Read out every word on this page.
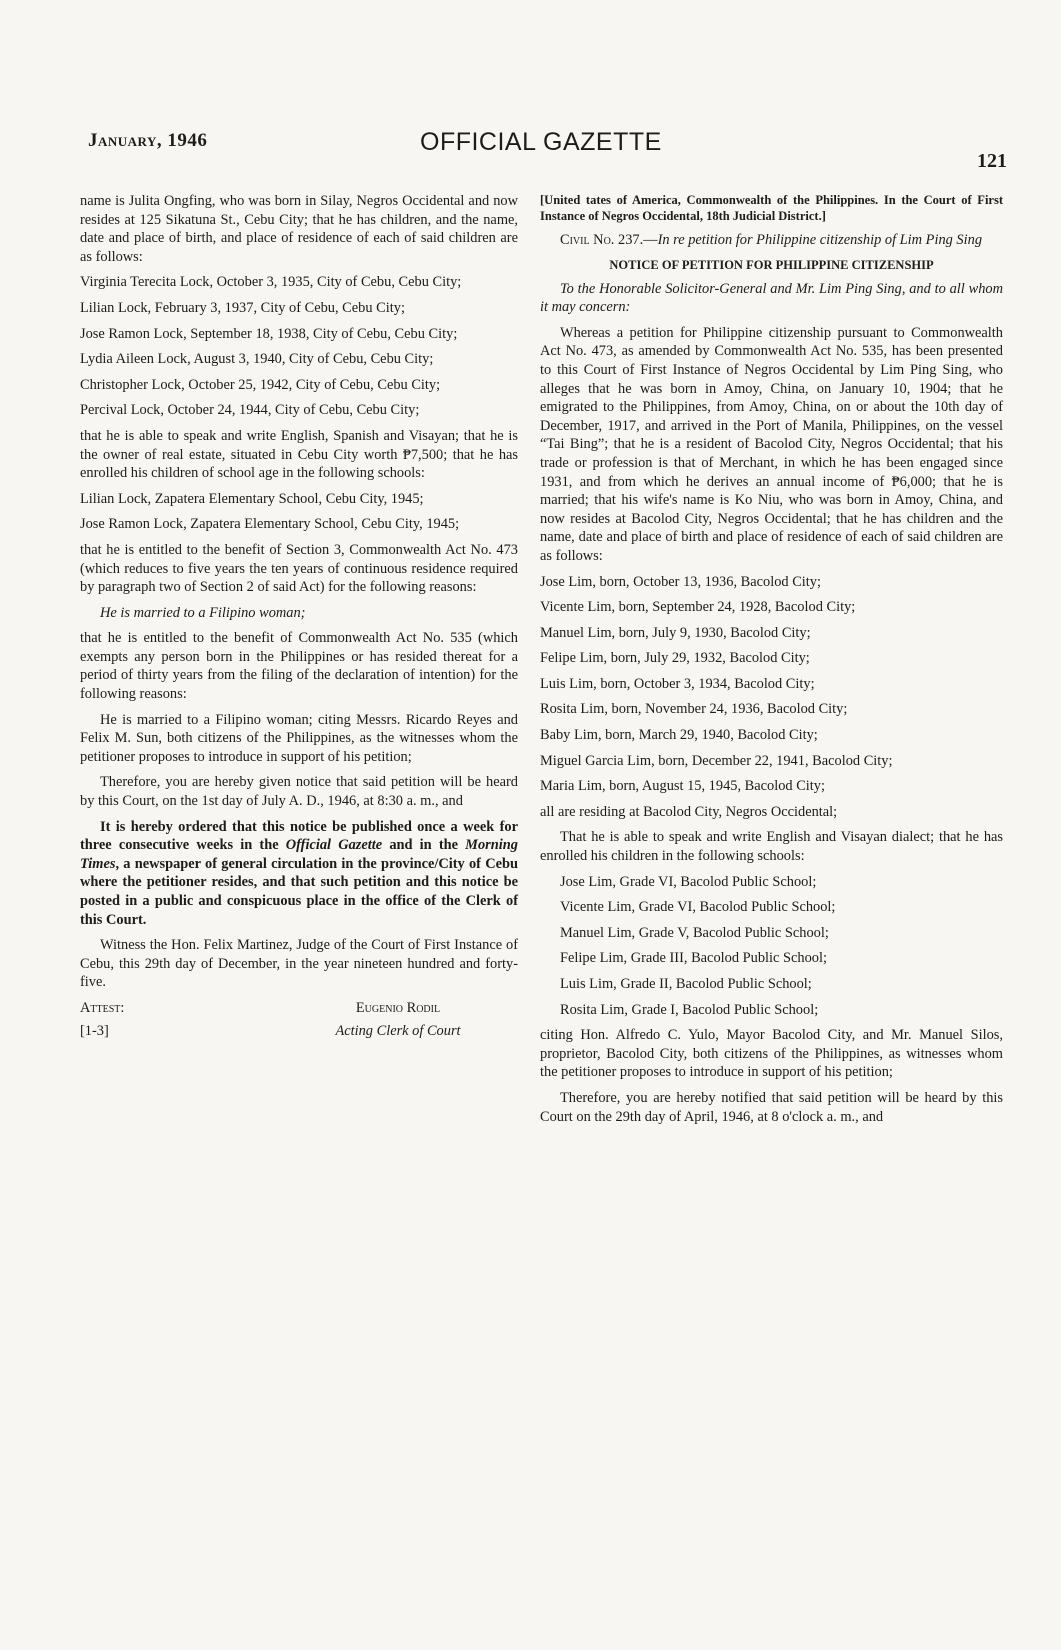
January, 1946	OFFICIAL GAZETTE
121

name is Julita Ongfing, who was born in Silay, Negros Occidental and now resides at 125 Sikatuna St., Cebu City; that he has children, and the name, date and place of birth, and place of residence of each of said children are as follows:

Virginia Terecita Lock, October 3, 1935, City of Cebu, Cebu City;

Lilian Lock, February 3, 1937, City of Cebu, Cebu City;

Jose Ramon Lock, September 18, 1938, City of Cebu, Cebu City;

Lydia Aileen Lock, August 3, 1940, City of Cebu, Cebu City;

Christopher Lock, October 25, 1942, City of Cebu, Cebu City;

Percival Lock, October 24, 1944, City of Cebu, Cebu City;

that he is able to speak and write English, Spanish and Visayan; that he is the owner of real estate, situated in Cebu City worth ₱7,500; that he has enrolled his children of school age in the following schools:

Lilian Lock, Zapatera Elementary School, Cebu City, 1945;

Jose Ramon Lock, Zapatera Elementary School, Cebu City, 1945;

that he is entitled to the benefit of Section 3, Commonwealth Act No. 473 (which reduces to five years the ten years of continuous residence required by paragraph two of Section 2 of said Act) for the following reasons:

He is married to a Filipino woman;

that he is entitled to the benefit of Commonwealth Act No. 535 (which exempts any person born in the Philippines or has resided thereat for a period of thirty years from the filing of the declaration of intention) for the following reasons:

He is married to a Filipino woman; citing Messrs. Ricardo Reyes and Felix M. Sun, both citizens of the Philippines, as the witnesses whom the petitioner proposes to introduce in support of his petition;

Therefore, you are hereby given notice that said petition will be heard by this Court, on the 1st day of July A. D., 1946, at 8:30 a. m., and

It is hereby ordered that this notice be published once a week for three consecutive weeks in the Official Gazette and in the Morning Times, a newspaper of general circulation in the province/City of Cebu where the petitioner resides, and that such petition and this notice be posted in a public and conspicuous place in the office of the Clerk of this Court.

Witness the Hon. Felix Martinez, Judge of the Court of First Instance of Cebu, this 29th day of December, in the year nineteen hundred and forty-five.

Attest:	Eugenio Rodil
[1-3]	Acting Clerk of Court

[United tates of America, Commonwealth of the Philippines. In the Court of First Instance of Negros Occidental, 18th Judicial District.]

Civil No. 237.—In re petition for Philippine citizenship of Lim Ping Sing

NOTICE OF PETITION FOR PHILIPPINE CITIZENSHIP

To the Honorable Solicitor-General and Mr. Lim Ping Sing, and to all whom it may concern:

Whereas a petition for Philippine citizenship pursuant to Commonwealth Act No. 473, as amended by Commonwealth Act No. 535, has been presented to this Court of First Instance of Negros Occidental by Lim Ping Sing, who alleges that he was born in Amoy, China, on January 10, 1904; that he emigrated to the Philippines, from Amoy, China, on or about the 10th day of December, 1917, and arrived in the Port of Manila, Philippines, on the vessel “Tai Bing”; that he is a resident of Bacolod City, Negros Occidental; that his trade or profession is that of Merchant, in which he has been engaged since 1931, and from which he derives an annual income of ₱6,000; that he is married; that his wife's name is Ko Niu, who was born in Amoy, China, and now resides at Bacolod City, Negros Occidental; that he has children and the name, date and place of birth and place of residence of each of said children are as follows:

Jose Lim, born, October 13, 1936, Bacolod City;

Vicente Lim, born, September 24, 1928, Bacolod City;

Manuel Lim, born, July 9, 1930, Bacolod City;

Felipe Lim, born, July 29, 1932, Bacolod City;

Luis Lim, born, October 3, 1934, Bacolod City;

Rosita Lim, born, November 24, 1936, Bacolod City;

Baby Lim, born, March 29, 1940, Bacolod City;

Miguel Garcia Lim, born, December 22, 1941, Bacolod City;

Maria Lim, born, August 15, 1945, Bacolod City;

all are residing at Bacolod City, Negros Occidental;

That he is able to speak and write English and Visayan dialect; that he has enrolled his children in the following schools:

Jose Lim, Grade VI, Bacolod Public School;

Vicente Lim, Grade VI, Bacolod Public School;

Manuel Lim, Grade V, Bacolod Public School;

Felipe Lim, Grade III, Bacolod Public School;

Luis Lim, Grade II, Bacolod Public School;

Rosita Lim, Grade I, Bacolod Public School;

citing Hon. Alfredo C. Yulo, Mayor Bacolod City, and Mr. Manuel Silos, proprietor, Bacolod City, both citizens of the Philippines, as witnesses whom the petitioner proposes to introduce in support of his petition;

Therefore, you are hereby notified that said petition will be heard by this Court on the 29th day of April, 1946, at 8 o'clock a. m., and
